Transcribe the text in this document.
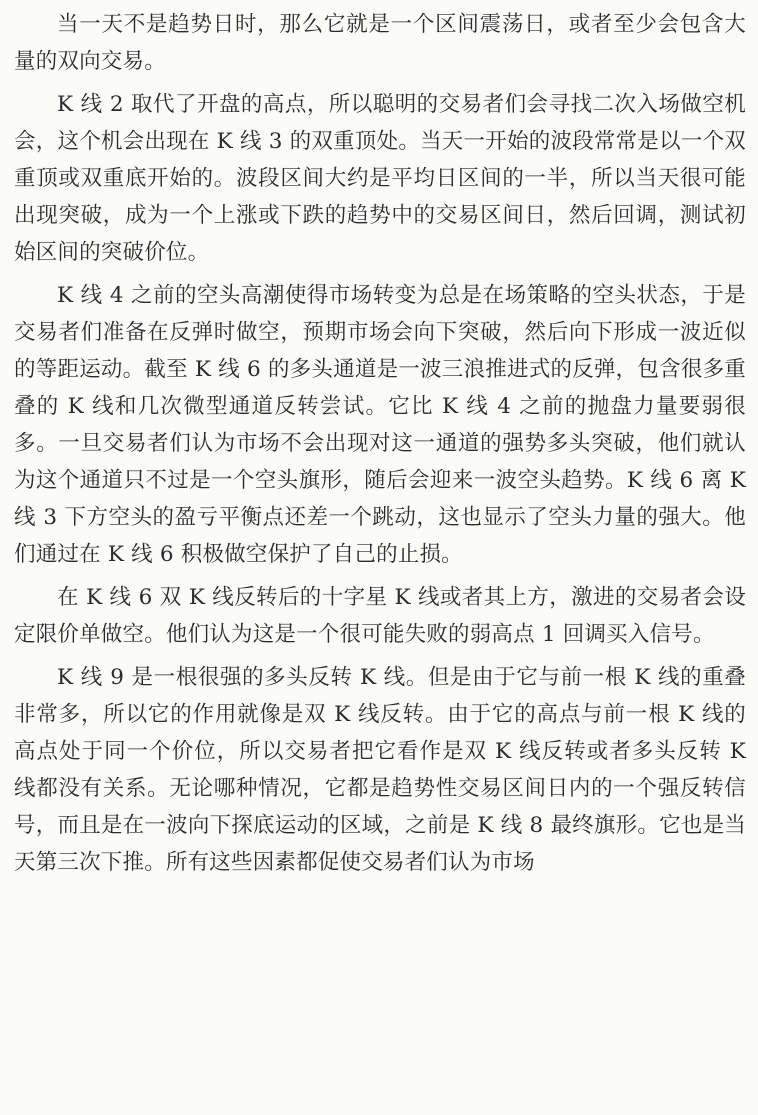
当一天不是趋势日时，那么它就是一个区间震荡日，或者至少会包含大量的双向交易。

K 线 2 取代了开盘的高点，所以聪明的交易者们会寻找二次入场做空机会，这个机会出现在 K 线 3 的双重顶处。当天一开始的波段常常是以一个双重顶或双重底开始的。波段区间大约是平均日区间的一半，所以当天很可能出现突破，成为一个上涨或下跌的趋势中的交易区间日，然后回调，测试初始区间的突破价位。

K 线 4 之前的空头高潮使得市场转变为总是在场策略的空头状态，于是交易者们准备在反弹时做空，预期市场会向下突破，然后向下形成一波近似的等距运动。截至 K 线 6 的多头通道是一波三浪推进式的反弹，包含很多重叠的 K 线和几次微型通道反转尝试。它比 K 线 4 之前的抛盘力量要弱很多。一旦交易者们认为市场不会出现对这一通道的强势多头突破，他们就认为这个通道只不过是一个空头旗形，随后会迎来一波空头趋势。K 线 6 离 K 线 3 下方空头的盈亏平衡点还差一个跳动，这也显示了空头力量的强大。他们通过在 K 线 6 积极做空保护了自己的止损。

在 K 线 6 双 K 线反转后的十字星 K 线或者其上方，激进的交易者会设定限价单做空。他们认为这是一个很可能失败的弱高点 1 回调买入信号。

K 线 9 是一根很强的多头反转 K 线。但是由于它与前一根 K 线的重叠非常多，所以它的作用就像是双 K 线反转。由于它的高点与前一根 K 线的高点处于同一个价位，所以交易者把它看作是双 K 线反转或者多头反转 K 线都没有关系。无论哪种情况，它都是趋势性交易区间日内的一个强反转信号，而且是在一波向下探底运动的区域，之前是 K 线 8 最终旗形。它也是当天第三次下推。所有这些因素都促使交易者们认为市场
